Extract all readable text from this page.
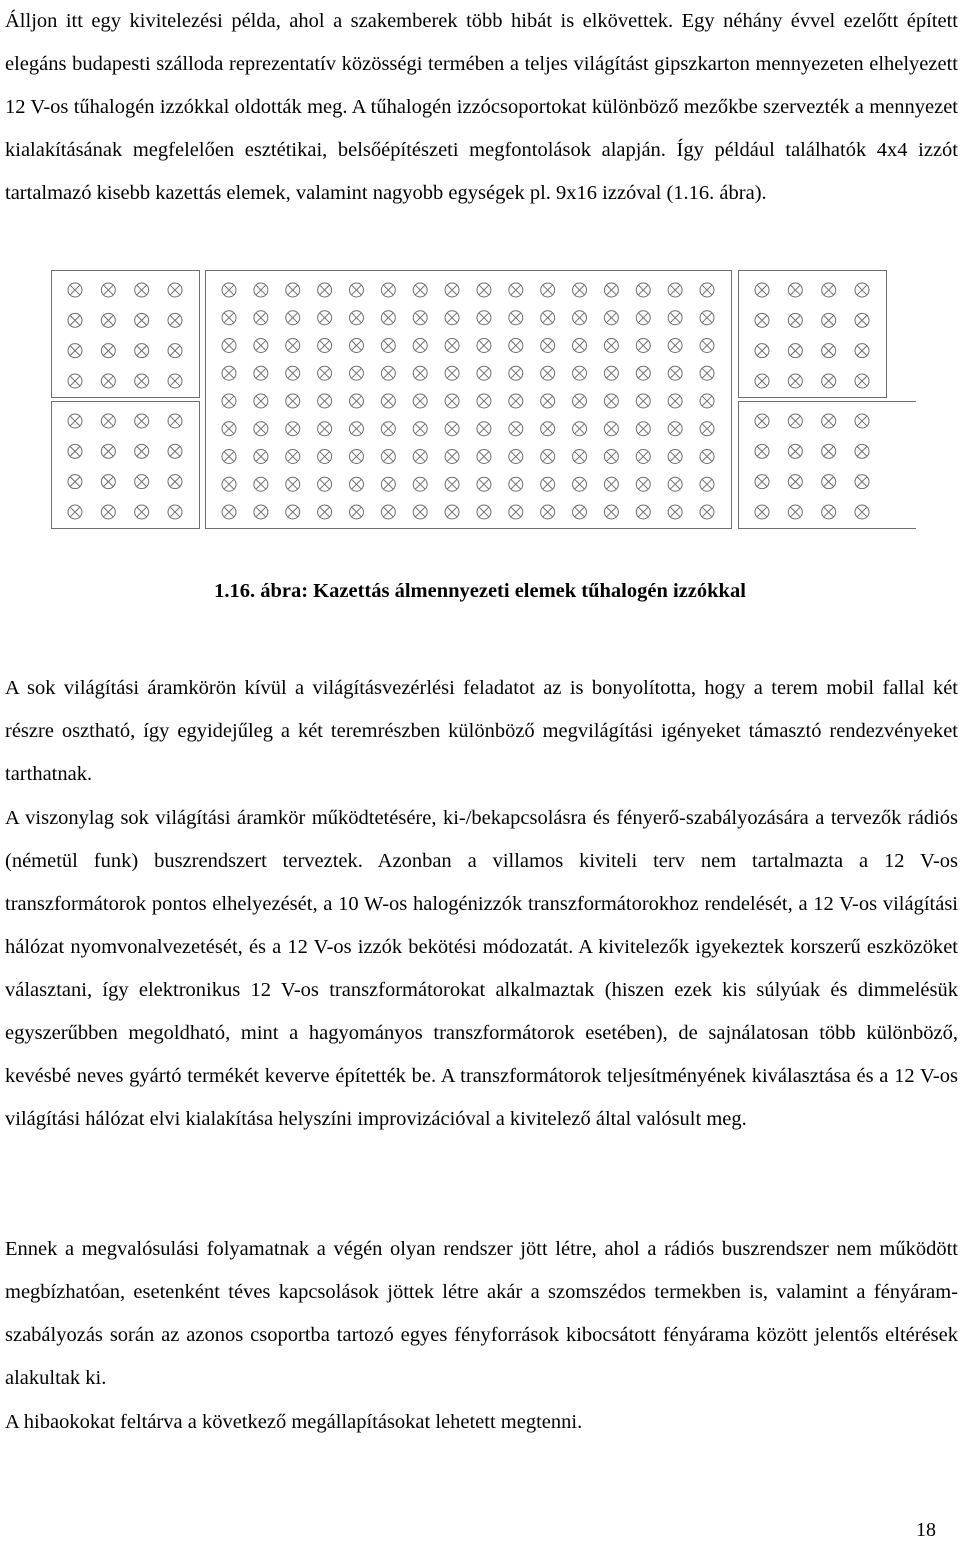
Álljon itt egy kivitelezési példa, ahol a szakemberek több hibát is elkövettek. Egy néhány évvel ezelőtt épített elegáns budapesti szálloda reprezentatív közösségi termében a teljes világítást gipszkarton mennyezeten elhelyezett 12 V-os tűhalogén izzókkal oldották meg. A tűhalogén izzócsoportokat különböző mezőkbe szervezték a mennyezet kialakításának megfelelően esztétikai, belsőépítészeti megfontolások alapján. Így például találhatók 4x4 izzót tartalmazó kisebb kazettás elemek, valamint nagyobb egységek pl. 9x16 izzóval (1.16. ábra).

1.16. ábra: Kazettás álmennyezeti elemek tűhalogén izzókkal

A sok világítási áramkörön kívül a világításvezérlési feladatot az is bonyolította, hogy a terem mobil fallal két részre osztható, így egyidejűleg a két teremrészben különböző megvilágítási igényeket támasztó rendezvényeket tarthatnak.

A viszonylag sok világítási áramkör működtetésére, ki-/bekapcsolásra és fényerő-szabályozására a tervezők rádiós (németül funk) buszrendszert terveztek. Azonban a villamos kiviteli terv nem tartalmazta a 12 V-os transzformátorok pontos elhelyezését, a 10 W-os halogénizzók transzformátorokhoz rendelését, a 12 V-os világítási hálózat nyomvonalvezetését, és a 12 V-os izzók bekötési módozatát. A kivitelezők igyekeztek korszerű eszközöket választani, így elektronikus 12 V-os transzformátorokat alkalmaztak (hiszen ezek kis súlyúak és dimmelésük egyszerűbben megoldható, mint a hagyományos transzformátorok esetében), de sajnálatosan több különböző, kevésbé neves gyártó termékét keverve építették be. A transzformátorok teljesítményének kiválasztása és a 12 V-os világítási hálózat elvi kialakítása helyszíni improvizációval a kivitelező által valósult meg.

Ennek a megvalósulási folyamatnak a végén olyan rendszer jött létre, ahol a rádiós buszrendszer nem működött megbízhatóan, esetenként téves kapcsolások jöttek létre akár a szomszédos termekben is, valamint a fényáram-szabályozás során az azonos csoportba tartozó egyes fényforrások kibocsátott fényárama között jelentős eltérések alakultak ki.

A hibaokokat feltárva a következő megállapításokat lehetett megtenni.

18
